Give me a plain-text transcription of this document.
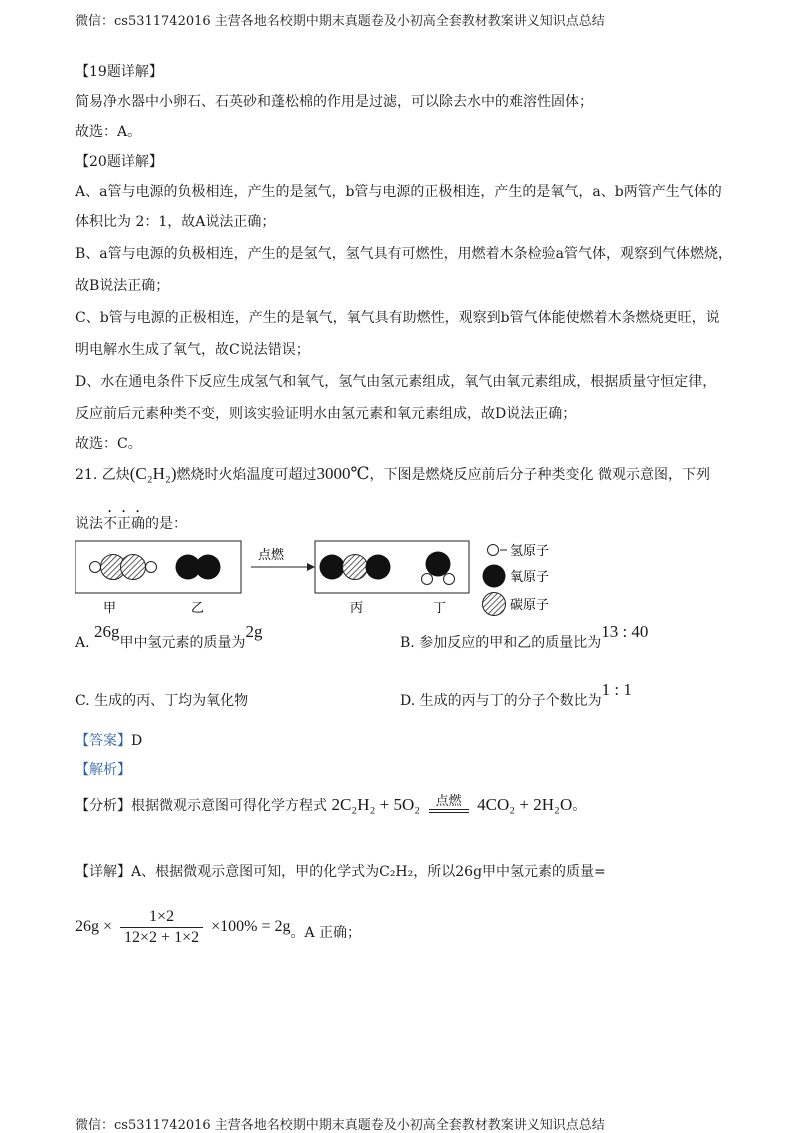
微信：cs5311742016 主营各地名校期中期末真题卷及小初高全套教材教案讲义知识点总结

【19题详解】

简易净水器中小卵石、石英砂和蓬松棉的作用是过滤，可以除去水中的难溶性固体；

故选：A。

【20题详解】

A、a管与电源的负极相连，产生的是氢气，b管与电源的正极相连，产生的是氧气，a、b两管产生气体的

体积比为 2：1，故A说法正确；

B、a管与电源的负极相连，产生的是氢气，氢气具有可燃性，用燃着木条检验a管气体，观察到气体燃烧，

故B说法正确；

C、b管与电源的正极相连，产生的是氧气，氧气具有助燃性，观察到b管气体能使燃着木条燃烧更旺，说

明电解水生成了氧气，故C说法错误；

D、水在通电条件下反应生成氢气和氧气，氢气由氢元素组成，氧气由氧元素组成，根据质量守恒定律，

反应前后元素种类不变，则该实验证明水由氢元素和氧元素组成，故D说法正确；

故选：C。

21. 乙炔(C₂H₂)燃烧时火焰温度可超过3000℃，下图是燃烧反应前后分子种类变化 微观示意图，下列

说法不正确的是：

点燃
甲	乙	丙	丁
氢原子
氧原子
碳原子
A. 26g甲中氢元素的质量为2g
B. 参加反应的甲和乙的质量比为13 : 40
C. 生成的丙、丁均为氧化物	D. 生成的丙与丁的分子个数比为1 : 1

【答案】D

【解析】

【分析】根据微观示意图可得化学方程式 2C₂H₂ + 5O₂	点燃 4CO₂ + 2H₂O。

【详解】A、根据微观示意图可知，甲的化学式为C₂H₂，所以26g甲中氢元素的质量=

$26g \times \frac{1\times 2}{12\times 2 + 1\times 2} \times 100\% = 2g$。A 正确；
微信：cs5311742016 主营各地名校期中期末真题卷及小初高全套教材教案讲义知识点总结
